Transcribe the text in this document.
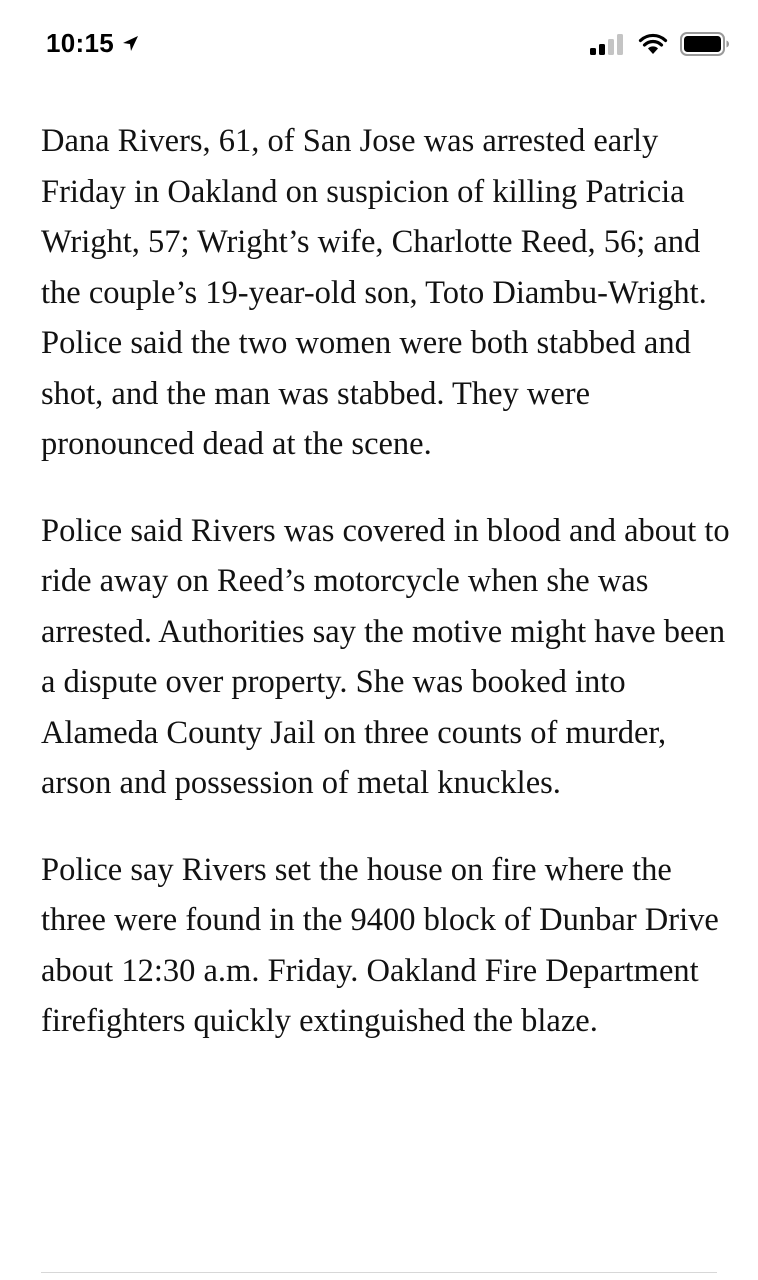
10:15

Dana Rivers, 61, of San Jose was arrested early Friday in Oakland on suspicion of killing Patricia Wright, 57; Wright’s wife, Charlotte Reed, 56; and the couple’s 19-year-old son, Toto Diambu-Wright. Police said the two women were both stabbed and shot, and the man was stabbed. They were pronounced dead at the scene.

Police said Rivers was covered in blood and about to ride away on Reed’s motorcycle when she was arrested. Authorities say the motive might have been a dispute over property. She was booked into Alameda County Jail on three counts of murder, arson and possession of metal knuckles.

Police say Rivers set the house on fire where the three were found in the 9400 block of Dunbar Drive about 12:30 a.m. Friday. Oakland Fire Department firefighters quickly extinguished the blaze.
